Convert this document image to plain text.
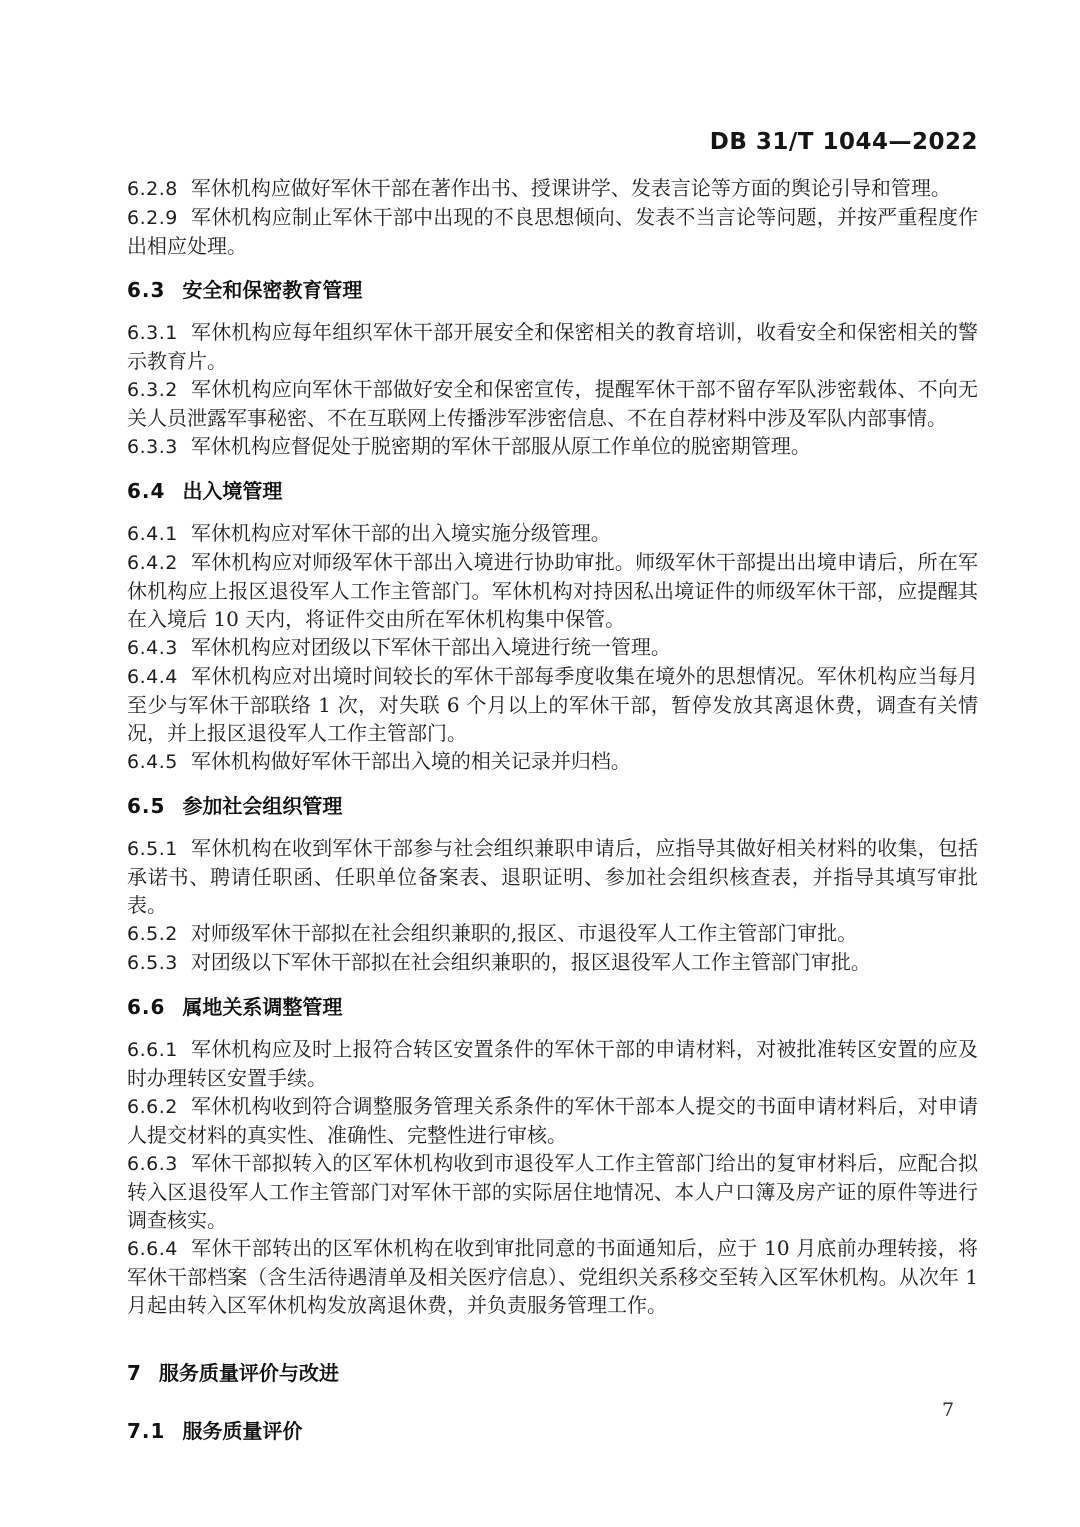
DB 31/T 1044—2022

6.2.8 军休机构应做好军休干部在著作出书、授课讲学、发表言论等方面的舆论引导和管理。

6.2.9 军休机构应制止军休干部中出现的不良思想倾向、发表不当言论等问题，并按严重程度作出相应处理。

6.3 安全和保密教育管理

6.3.1 军休机构应每年组织军休干部开展安全和保密相关的教育培训，收看安全和保密相关的警示教育片。

6.3.2 军休机构应向军休干部做好安全和保密宣传，提醒军休干部不留存军队涉密载体、不向无关人员泄露军事秘密、不在互联网上传播涉军涉密信息、不在自荐材料中涉及军队内部事情。

6.3.3 军休机构应督促处于脱密期的军休干部服从原工作单位的脱密期管理。

6.4 出入境管理

6.4.1 军休机构应对军休干部的出入境实施分级管理。

6.4.2 军休机构应对师级军休干部出入境进行协助审批。师级军休干部提出出境申请后，所在军休机构应上报区退役军人工作主管部门。军休机构对持因私出境证件的师级军休干部，应提醒其在入境后 10 天内，将证件交由所在军休机构集中保管。

6.4.3 军休机构应对团级以下军休干部出入境进行统一管理。

6.4.4 军休机构应对出境时间较长的军休干部每季度收集在境外的思想情况。军休机构应当每月至少与军休干部联络 1 次，对失联 6 个月以上的军休干部，暂停发放其离退休费，调查有关情况，并上报区退役军人工作主管部门。

6.4.5 军休机构做好军休干部出入境的相关记录并归档。

6.5 参加社会组织管理

6.5.1 军休机构在收到军休干部参与社会组织兼职申请后，应指导其做好相关材料的收集，包括承诺书、聘请任职函、任职单位备案表、退职证明、参加社会组织核查表，并指导其填写审批表。

6.5.2 对师级军休干部拟在社会组织兼职的,报区、市退役军人工作主管部门审批。

6.5.3 对团级以下军休干部拟在社会组织兼职的，报区退役军人工作主管部门审批。

6.6 属地关系调整管理

6.6.1 军休机构应及时上报符合转区安置条件的军休干部的申请材料，对被批准转区安置的应及时办理转区安置手续。

6.6.2 军休机构收到符合调整服务管理关系条件的军休干部本人提交的书面申请材料后，对申请人提交材料的真实性、准确性、完整性进行审核。

6.6.3 军休干部拟转入的区军休机构收到市退役军人工作主管部门给出的复审材料后，应配合拟转入区退役军人工作主管部门对军休干部的实际居住地情况、本人户口簿及房产证的原件等进行调查核实。

6.6.4 军休干部转出的区军休机构在收到审批同意的书面通知后，应于 10 月底前办理转接，将军休干部档案（含生活待遇清单及相关医疗信息）、党组织关系移交至转入区军休机构。从次年 1 月起由转入区军休机构发放离退休费，并负责服务管理工作。

7 服务质量评价与改进

7.1 服务质量评价

7
